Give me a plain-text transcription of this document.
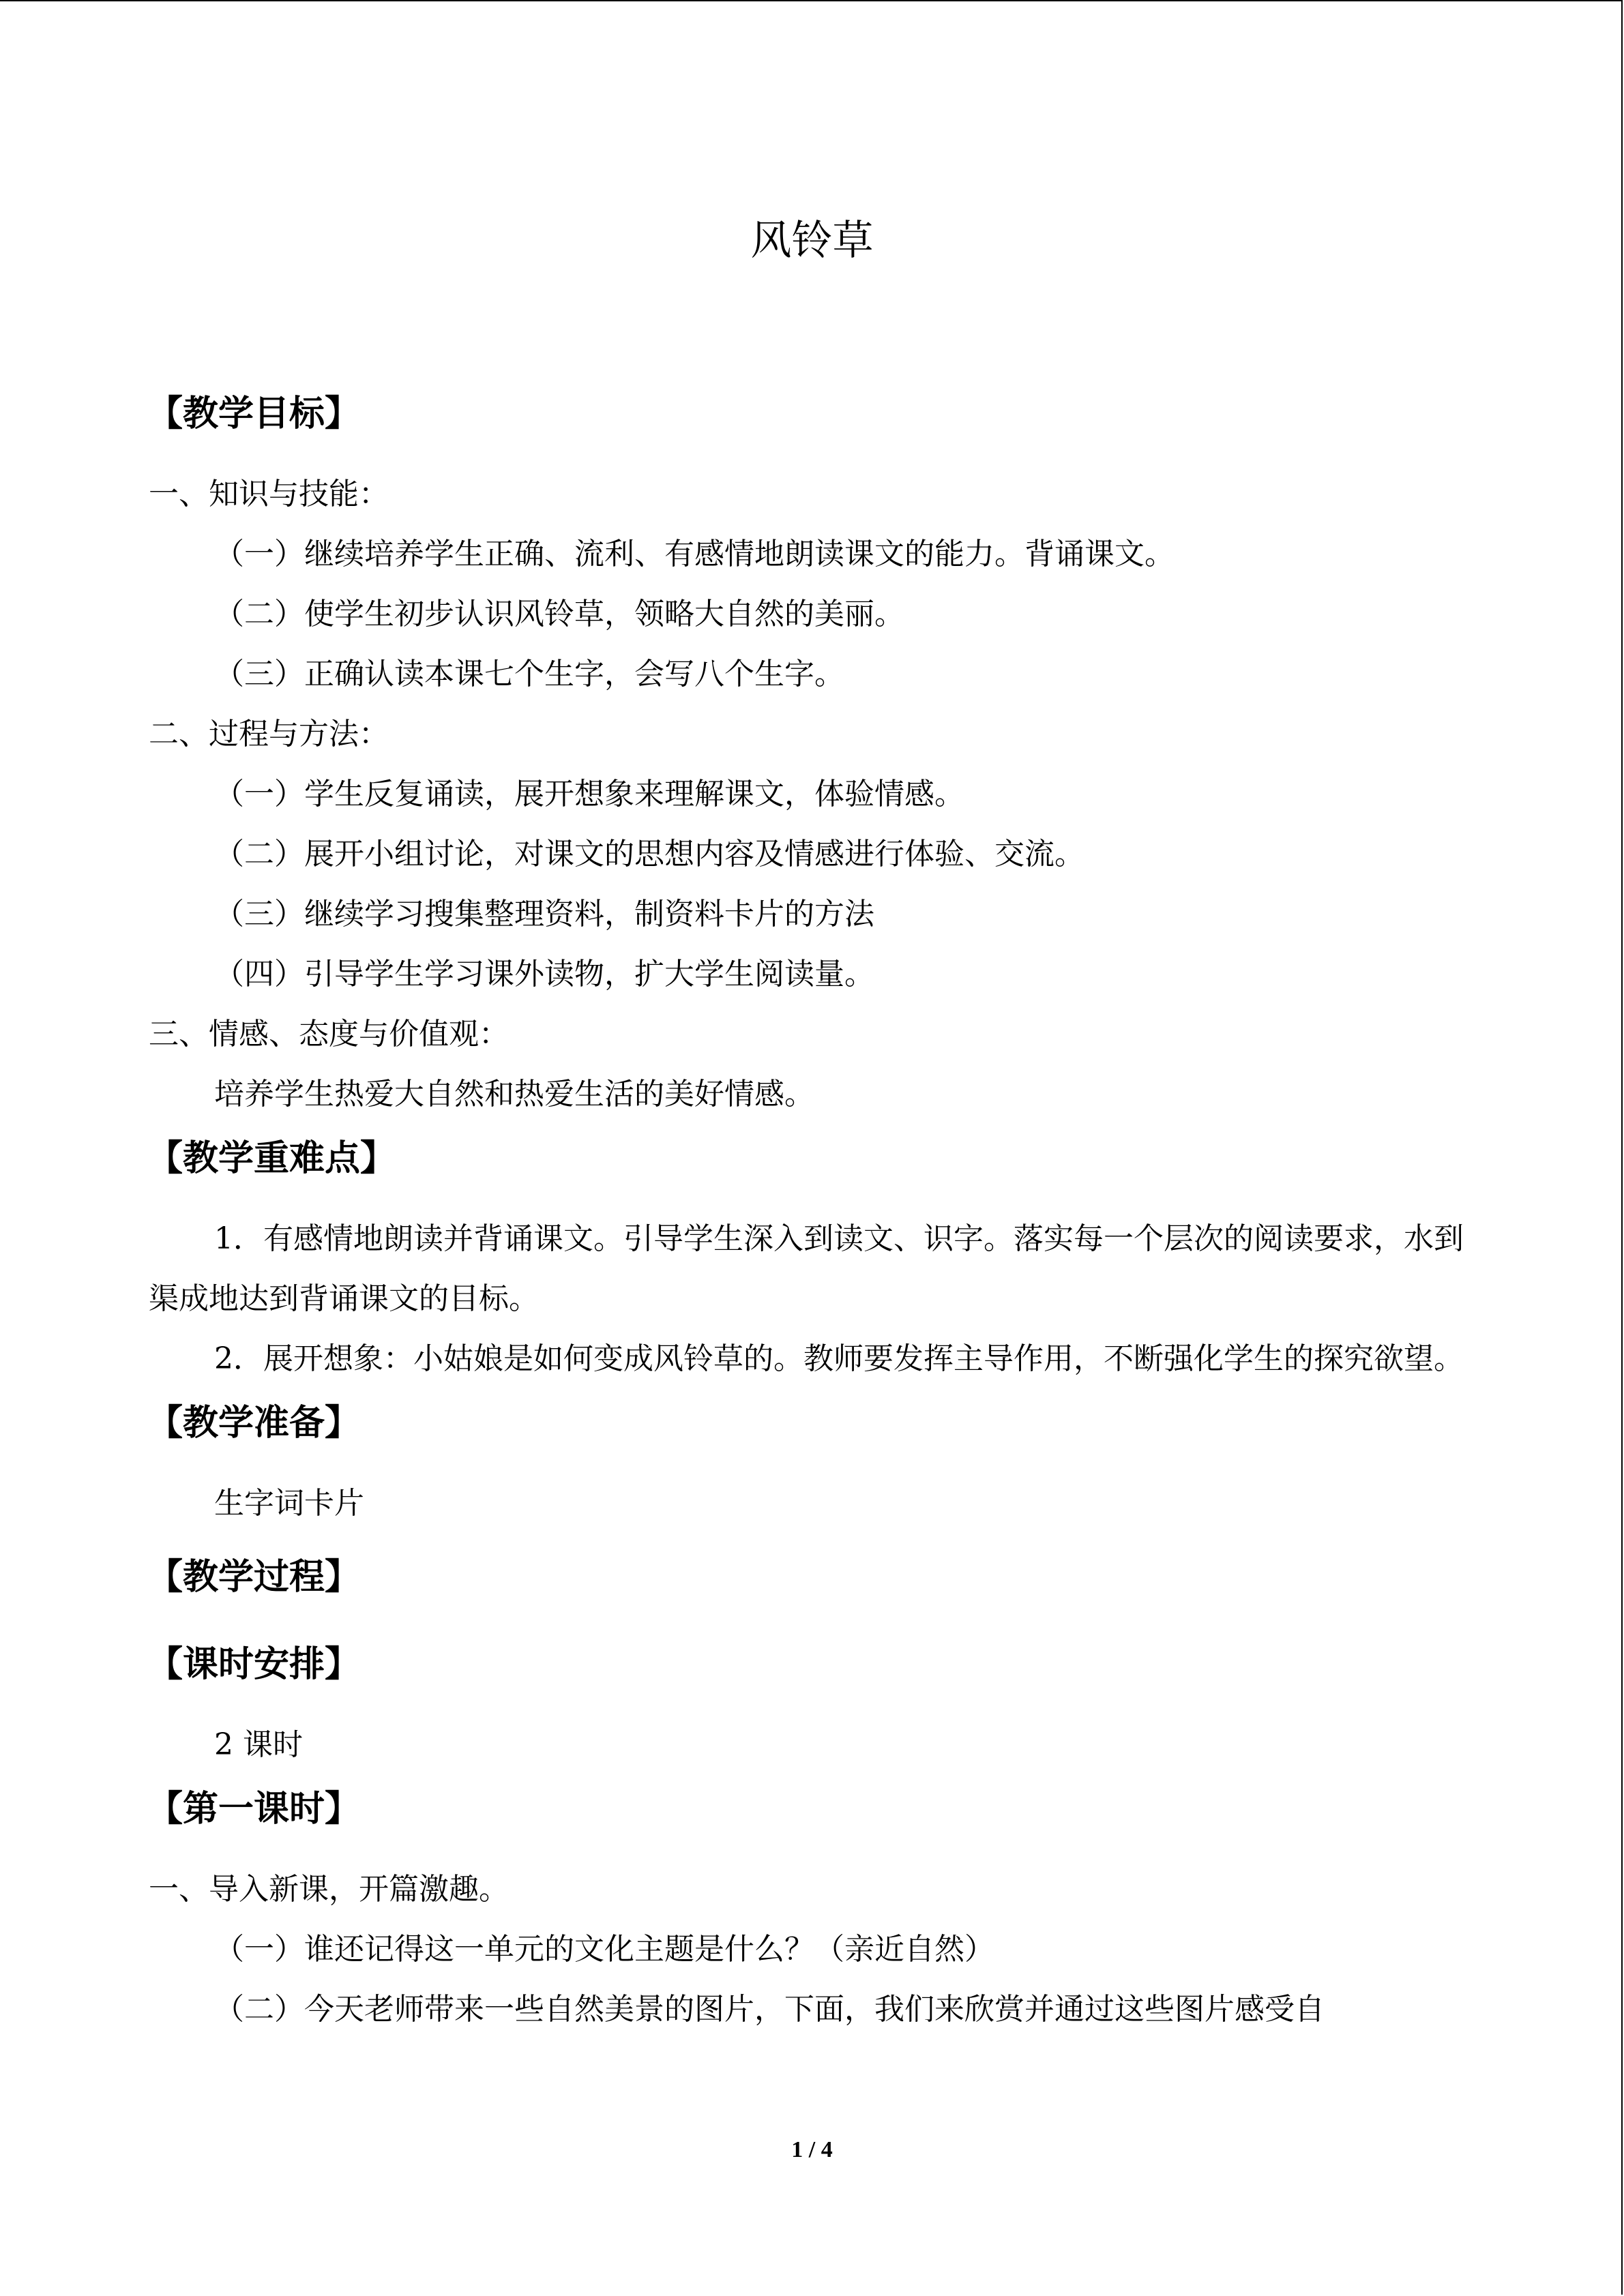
风铃草
【教学目标】
一、知识与技能：
（一）继续培养学生正确、流利、有感情地朗读课文的能力。背诵课文。
（二）使学生初步认识风铃草，领略大自然的美丽。
（三）正确认读本课七个生字，会写八个生字。
二、过程与方法：
（一）学生反复诵读，展开想象来理解课文，体验情感。
（二）展开小组讨论，对课文的思想内容及情感进行体验、交流。
（三）继续学习搜集整理资料，制资料卡片的方法
（四）引导学生学习课外读物，扩大学生阅读量。
三、情感、态度与价值观：
培养学生热爱大自然和热爱生活的美好情感。
【教学重难点】
1．有感情地朗读并背诵课文。引导学生深入到读文、识字。落实每一个层次的阅读要求，水到渠成地达到背诵课文的目标。
2．展开想象：小姑娘是如何变成风铃草的。教师要发挥主导作用，不断强化学生的探究欲望。
【教学准备】
生字词卡片
【教学过程】
【课时安排】
2 课时
【第一课时】
一、导入新课，开篇激趣。
（一）谁还记得这一单元的文化主题是什么？（亲近自然）
（二）今天老师带来一些自然美景的图片，下面，我们来欣赏并通过这些图片感受自
1 / 4
